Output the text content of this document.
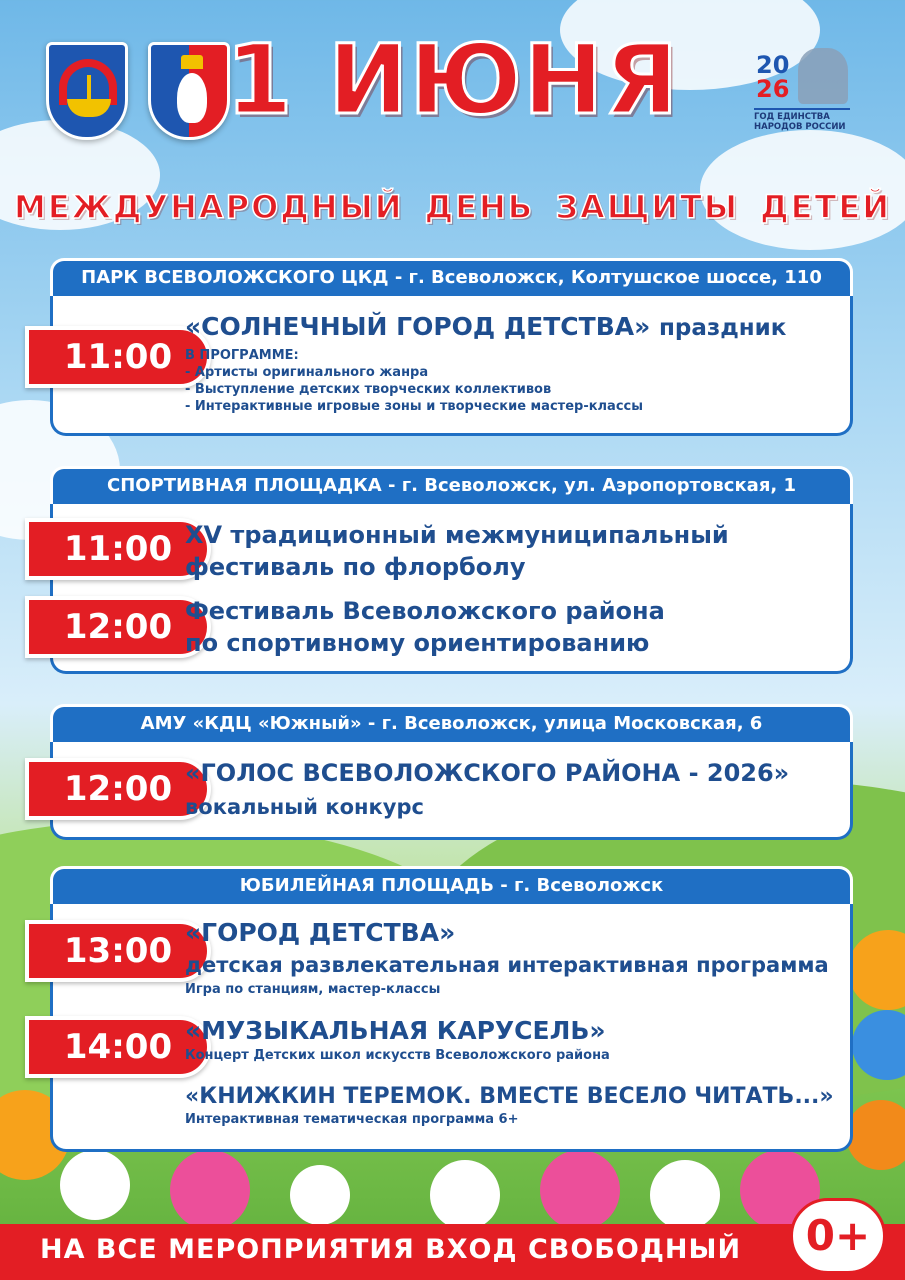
1 ИЮНЯ	20
26
ГОД ЕДИНСТВА
НАРОДОВ РОССИИ
МЕЖДУНАРОДНЫЙ ДЕНЬ ЗАЩИТЫ ДЕТЕЙ
ПАРК ВСЕВОЛОЖСКОГО ЦКД - г. Всеволожск, Колтушское шоссе, 110
11:00
«СОЛНЕЧНЫЙ ГОРОД ДЕТСТВА» праздник
В ПРОГРАММЕ:
- Артисты оригинального жанра
- Выступление детских творческих коллективов
- Интерактивные игровые зоны и творческие мастер-классы
СПОРТИВНАЯ ПЛОЩАДКА - г. Всеволожск, ул. Аэропортовская, 1
11:00 XV традиционный межмуниципальный
фестиваль по флорболу
12:00 Фестиваль Всеволожского района
по спортивному ориентированию
АМУ «КДЦ «Южный» - г. Всеволожск, улица Московская, 6
12:00 «ГОЛОС ВСЕВОЛОЖСКОГО РАЙОНА - 2026»
вокальный конкурс
ЮБИЛЕЙНАЯ ПЛОЩАДЬ - г. Всеволожск
13:00 «ГОРОД ДЕТСТВА»
детская развлекательная интерактивная программа
Игра по станциям, мастер-классы
14:00 «МУЗЫКАЛЬНАЯ КАРУСЕЛЬ»
Концерт Детских школ искусств Всеволожского района
«КНИЖКИН ТЕРЕМОК. ВМЕСТЕ ВЕСЕЛО ЧИТАТЬ...»
Интерактивная тематическая программа 6+
НА ВСЕ МЕРОПРИЯТИЯ ВХОД СВОБОДНЫЙ	0+
